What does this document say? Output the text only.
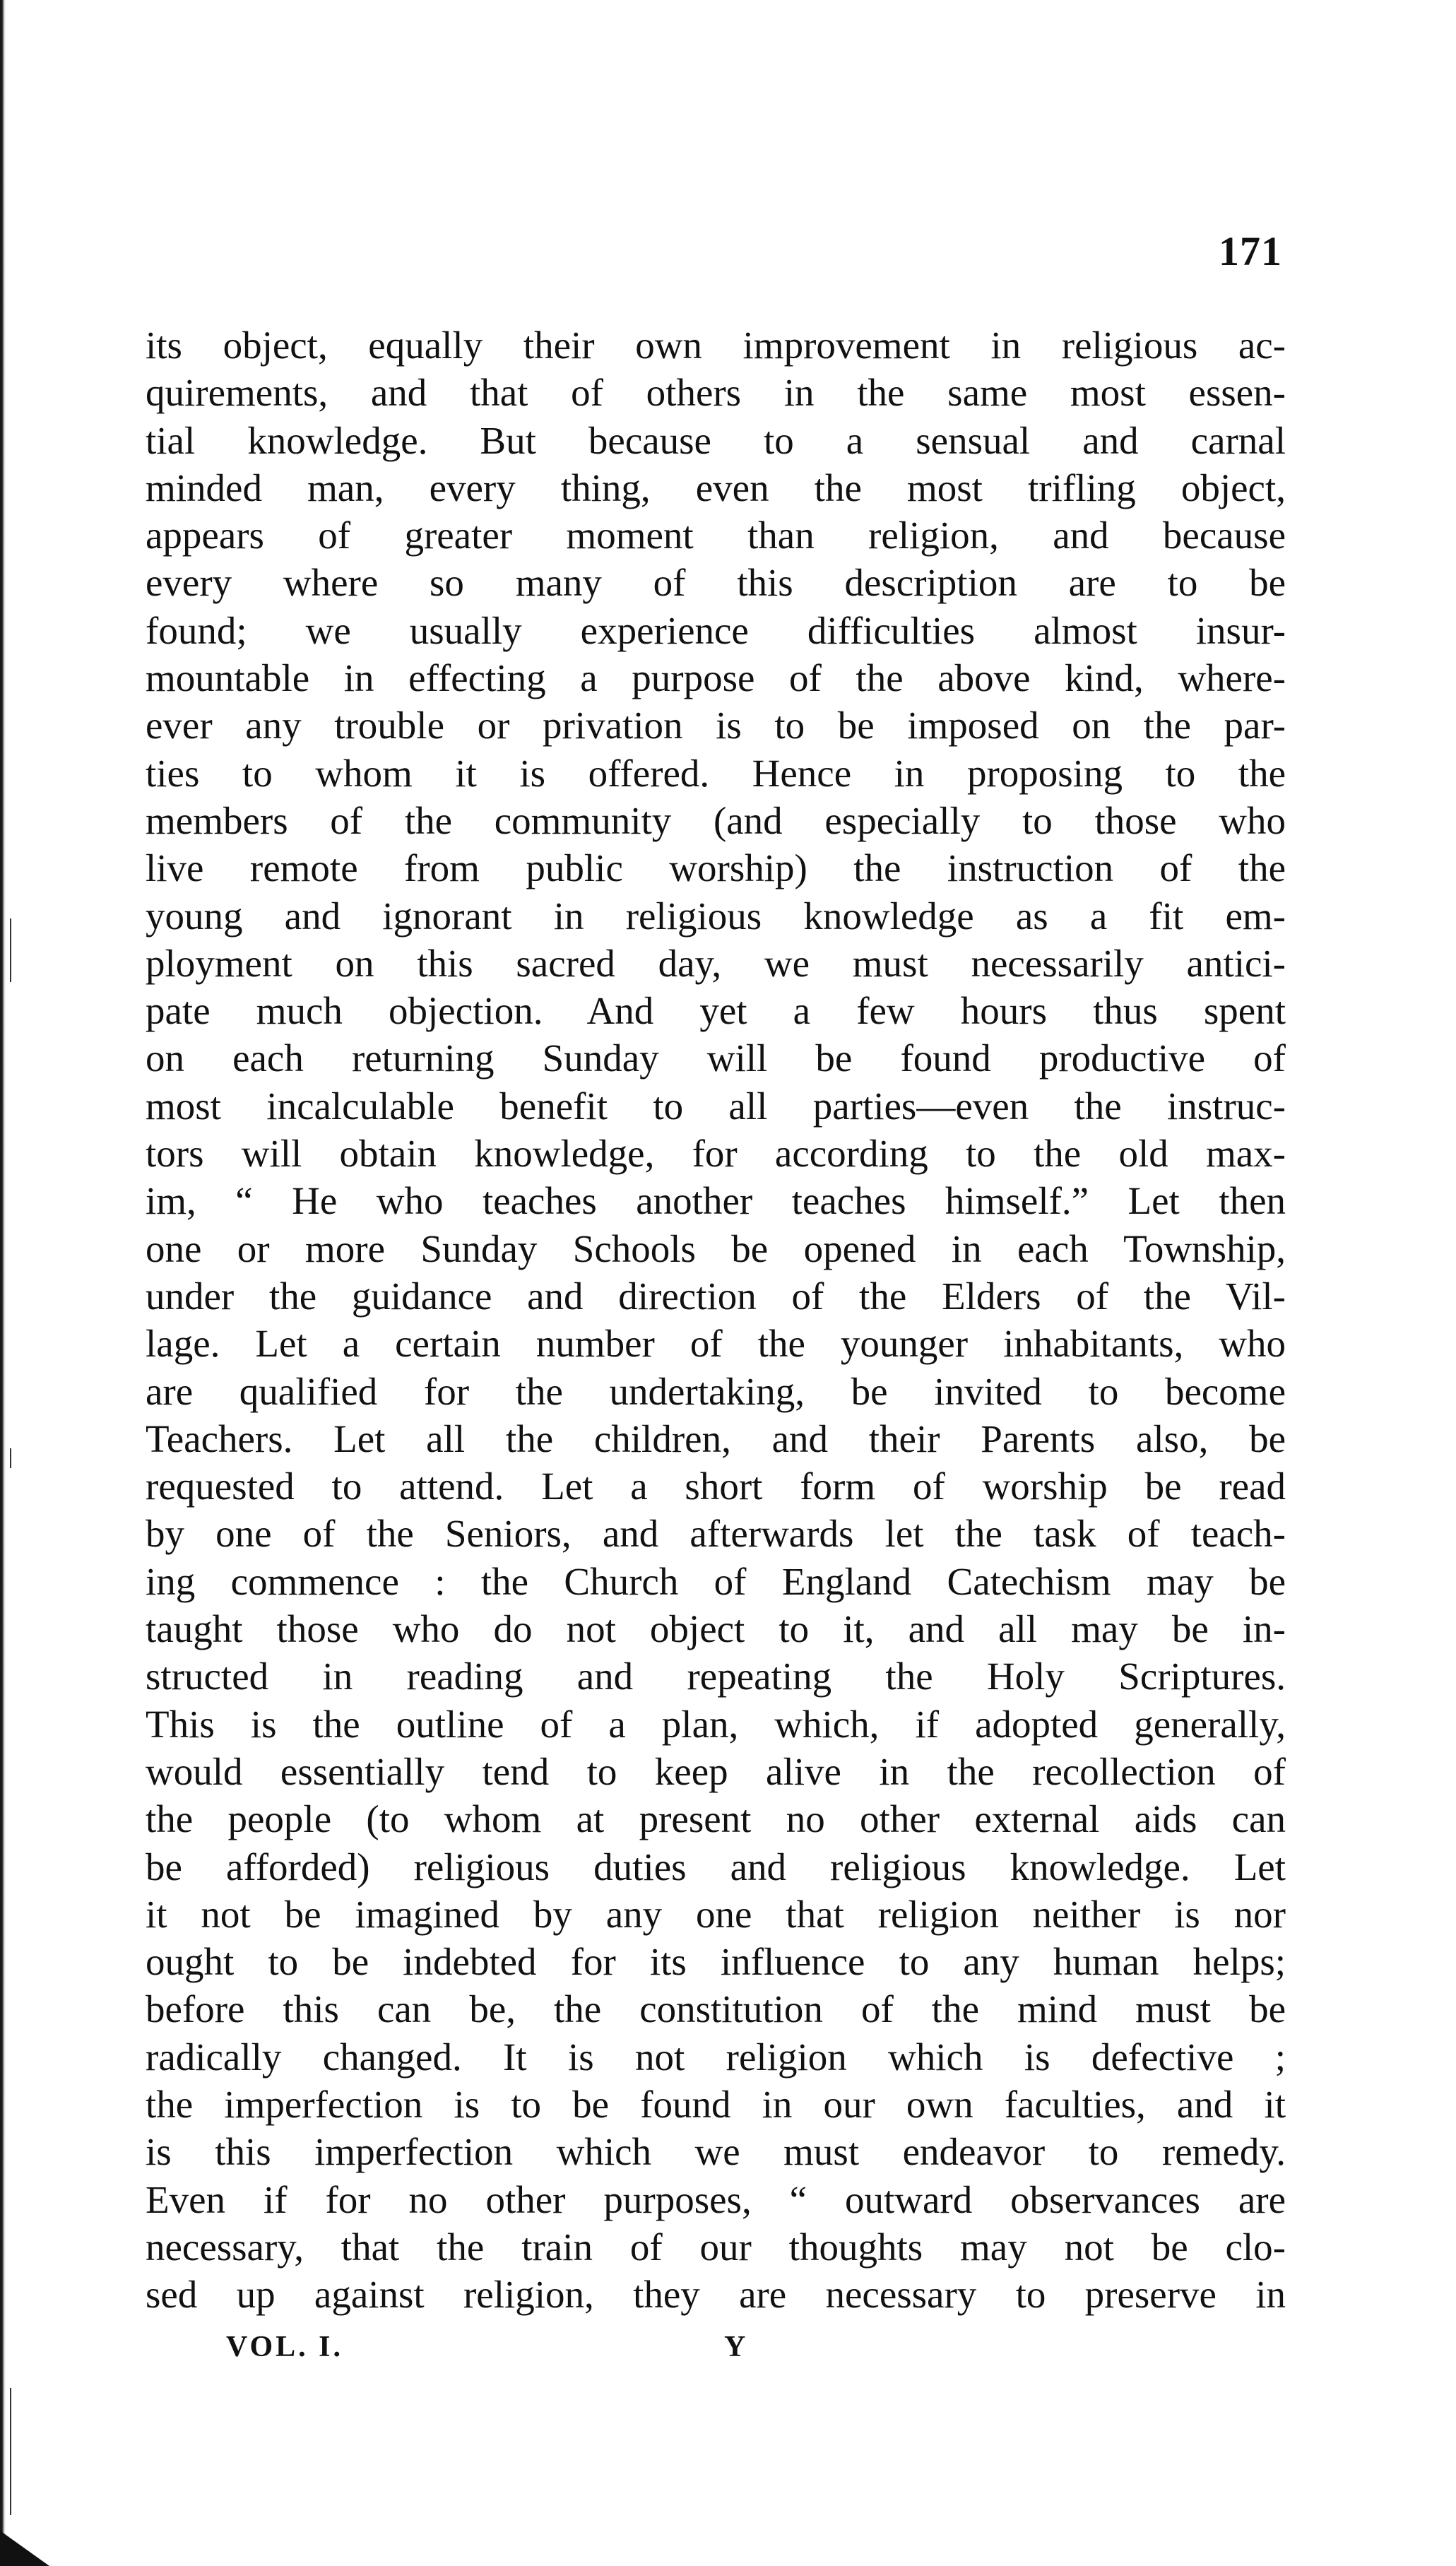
171
its object, equally their own improvement in religious ac-
quirements, and that of others in the same most essen-
tial knowledge. But because to a sensual and carnal
minded man, every thing, even the most trifling object,
appears of greater moment than religion, and because
every where so many of this description are to be
found; we usually experience difficulties almost insur-
mountable in effecting a purpose of the above kind, where-
ever any trouble or privation is to be imposed on the par-
ties to whom it is offered. Hence in proposing to the
members of the community (and especially to those who
live remote from public worship) the instruction of the
young and ignorant in religious knowledge as a fit em-
ployment on this sacred day, we must necessarily antici-
pate much objection. And yet a few hours thus spent
on each returning Sunday will be found productive of
most incalculable benefit to all parties—even the instruc-
tors will obtain knowledge, for according to the old max-
im, “ He who teaches another teaches himself.” Let then
one or more Sunday Schools be opened in each Township,
under the guidance and direction of the Elders of the Vil-
lage. Let a certain number of the younger inhabitants, who
are qualified for the undertaking, be invited to become
Teachers. Let all the children, and their Parents also, be
requested to attend. Let a short form of worship be read
by one of the Seniors, and afterwards let the task of teach-
ing commence : the Church of England Catechism may be
taught those who do not object to it, and all may be in-
structed in reading and repeating the Holy Scriptures.
This is the outline of a plan, which, if adopted generally,
would essentially tend to keep alive in the recollection of
the people (to whom at present no other external aids can
be afforded) religious duties and religious knowledge. Let
it not be imagined by any one that religion neither is nor
ought to be indebted for its influence to any human helps;
before this can be, the constitution of the mind must be
radically changed. It is not religion which is defective ;
the imperfection is to be found in our own faculties, and it
is this imperfection which we must endeavor to remedy.
Even if for no other purposes, “ outward observances are
necessary, that the train of our thoughts may not be clo-
sed up against religion, they are necessary to preserve in
VOL. I.	Y
